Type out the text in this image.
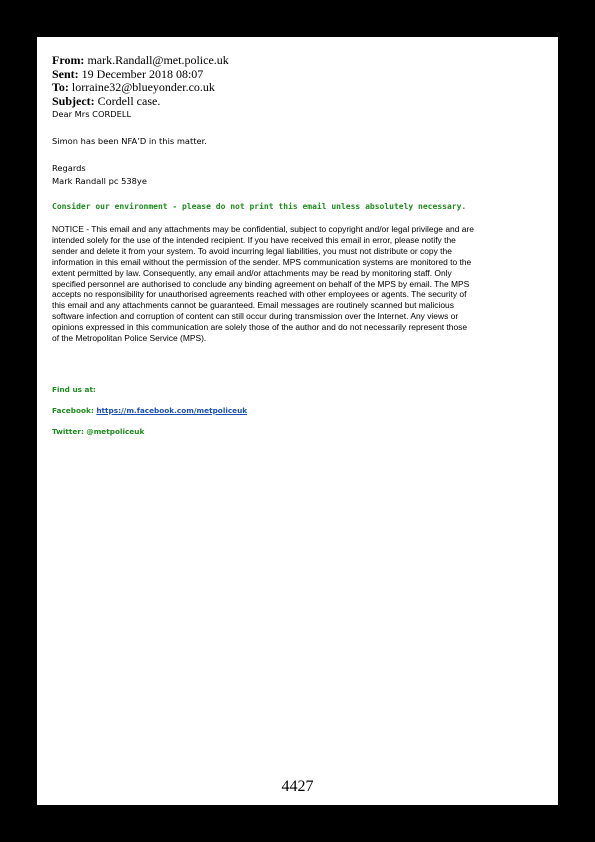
From: mark.Randall@met.police.uk
Sent: 19 December 2018 08:07
To: lorraine32@blueyonder.co.uk
Subject: Cordell case.
Dear Mrs CORDELL
Simon has been NFA’D in this matter.
Regards
Mark Randall pc 538ye
Consider our environment - please do not print this email unless absolutely necessary.
NOTICE - This email and any attachments may be confidential, subject to copyright and/or legal privilege and are
intended solely for the use of the intended recipient. If you have received this email in error, please notify the
sender and delete it from your system. To avoid incurring legal liabilities, you must not distribute or copy the
information in this email without the permission of the sender. MPS communication systems are monitored to the
extent permitted by law. Consequently, any email and/or attachments may be read by monitoring staff. Only
specified personnel are authorised to conclude any binding agreement on behalf of the MPS by email. The MPS
accepts no responsibility for unauthorised agreements reached with other employees or agents. The security of
this email and any attachments cannot be guaranteed. Email messages are routinely scanned but malicious
software infection and corruption of content can still occur during transmission over the Internet. Any views or
opinions expressed in this communication are solely those of the author and do not necessarily represent those
of the Metropolitan Police Service (MPS).
Find us at:
Facebook: https://m.facebook.com/metpoliceuk
Twitter: @metpoliceuk
4427
